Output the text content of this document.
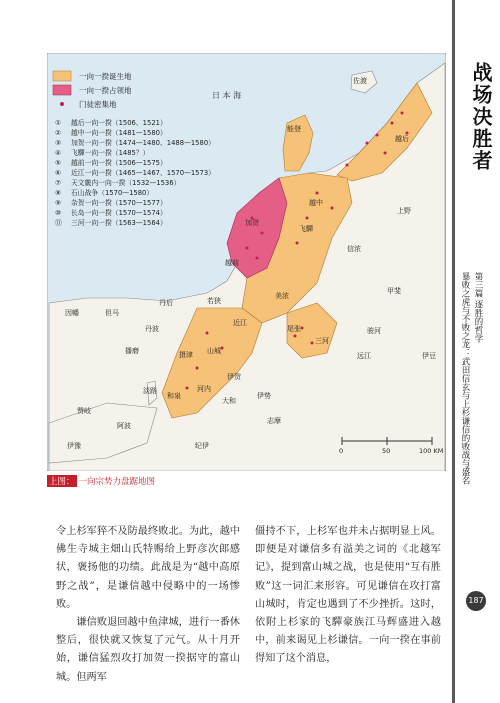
一向一揆诞生地
一向一揆占领地
门徒密集地
① 越后一向一揆（1506、1521）
② 越中一向一揆（1481—1580）
③ 加贺一向一揆（1474—1480、1488—1580）
④ 飞驒一向一揆（1485？）
⑤ 越前一向一揆（1506—1575）
⑥ 近江一向一揆（1465—1467、1570—1573）
⑦ 天文畿内一向一揆（1532—1536）
⑧ 石山战争（1570—1580）
⑨ 杂贺一向一揆（1570—1577）
⑩ 长岛一向一揆（1570—1574）
⑪ 三河一向一揆（1563—1564）
日 本 海
佐渡
能登
越后
越中
加贺
越前
若狭
飞驒
信浓
上野
甲斐
美浓
尾张
三河
远江
骏河
近江
伊势
伊贺
志摩
山城
摄津
播磨
但马
丹波
丹后
和泉
河内
大和
纪伊
淡路
阿波
伊豫
赞岐
因幡
伊豆
0	50	100 KM
上图： 一向宗势力盘踞地图

令上杉军猝不及防最终败北。为此，越中佛生寺城主畑山氏特赐给上野彦次郎感状，褒扬他的功绩。此战是为“越中高原野之战”，是谦信越中侵略中的一场惨败。

谦信败退回越中鱼津城，进行一番休整后，很快就又恢复了元气。从十月开始，谦信猛烈攻打加贺一揆据守的富山城。但两军

僵持不下，上杉军也并未占据明显上风。即便是对谦信多有溢美之词的《北越军记》，提到富山城之战，也是使用“互有胜败”这一词汇来形容。可见谦信在攻打富山城时，肯定也遇到了不少挫折。这时，依附上杉家的飞驒豪族江马辉盛进入越中，前来谒见上杉谦信。一向一揆在事前得知了这个消息，

战场决胜者
第三篇 逐胜的哲学
暴败之虎与不败之龙：武田信玄与上杉谦信的败战与盛名
187
